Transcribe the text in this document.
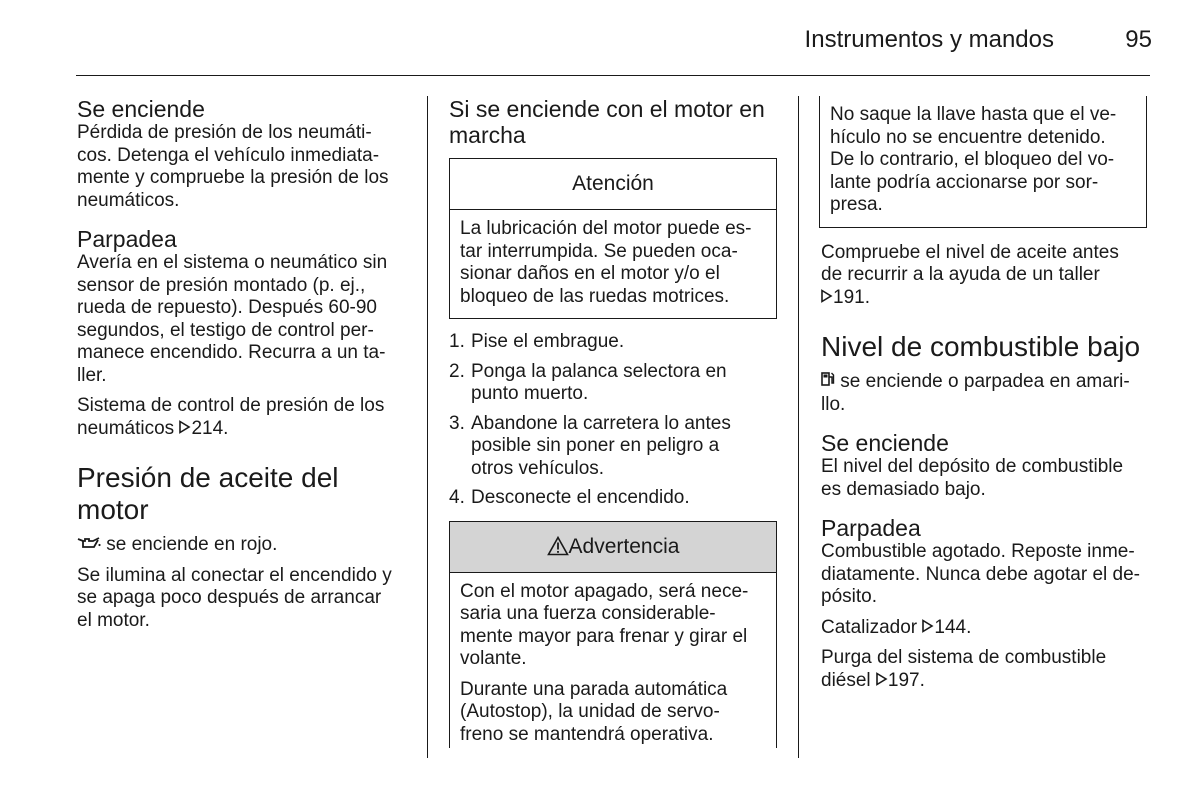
Instrumentos y mandos	95
Se enciende

Pérdida de presión de los neumáti-
cos. Detenga el vehículo inmediata-
mente y compruebe la presión de los
neumáticos.

Parpadea

Avería en el sistema o neumático sin
sensor de presión montado (p. ej.,
rueda de repuesto). Después 60-90
segundos, el testigo de control per-
manece encendido. Recurra a un ta-
ller.

Sistema de control de presión de los
neumáticos 214.

Presión de aceite del
motor

se enciende en rojo.

Se ilumina al conectar el encendido y
se apaga poco después de arrancar
el motor.

Si se enciende con el motor en
marcha
Atención

La lubricación del motor puede es-
tar interrumpida. Se pueden oca-
sionar daños en el motor y/o el
bloqueo de las ruedas motrices.

1. Pise el embrague.
2. Ponga la palanca selectora en
punto muerto.
3. Abandone la carretera lo antes
posible sin poner en peligro a
otros vehículos.
4. Desconecte el encendido.
Advertencia

Con el motor apagado, será nece-
saria una fuerza considerable-
mente mayor para frenar y girar el
volante.

Durante una parada automática
(Autostop), la unidad de servo-
freno se mantendrá operativa.

No saque la llave hasta que el ve-
hículo no se encuentre detenido.
De lo contrario, el bloqueo del vo-
lante podría accionarse por sor-
presa.

Compruebe el nivel de aceite antes
de recurrir a la ayuda de un taller
191.

Nivel de combustible bajo

se enciende o parpadea en amari-
llo.

Se enciende

El nivel del depósito de combustible
es demasiado bajo.

Parpadea

Combustible agotado. Reposte inme-
diatamente. Nunca debe agotar el de-
pósito.

Catalizador 144.

Purga del sistema de combustible
diésel 197.
